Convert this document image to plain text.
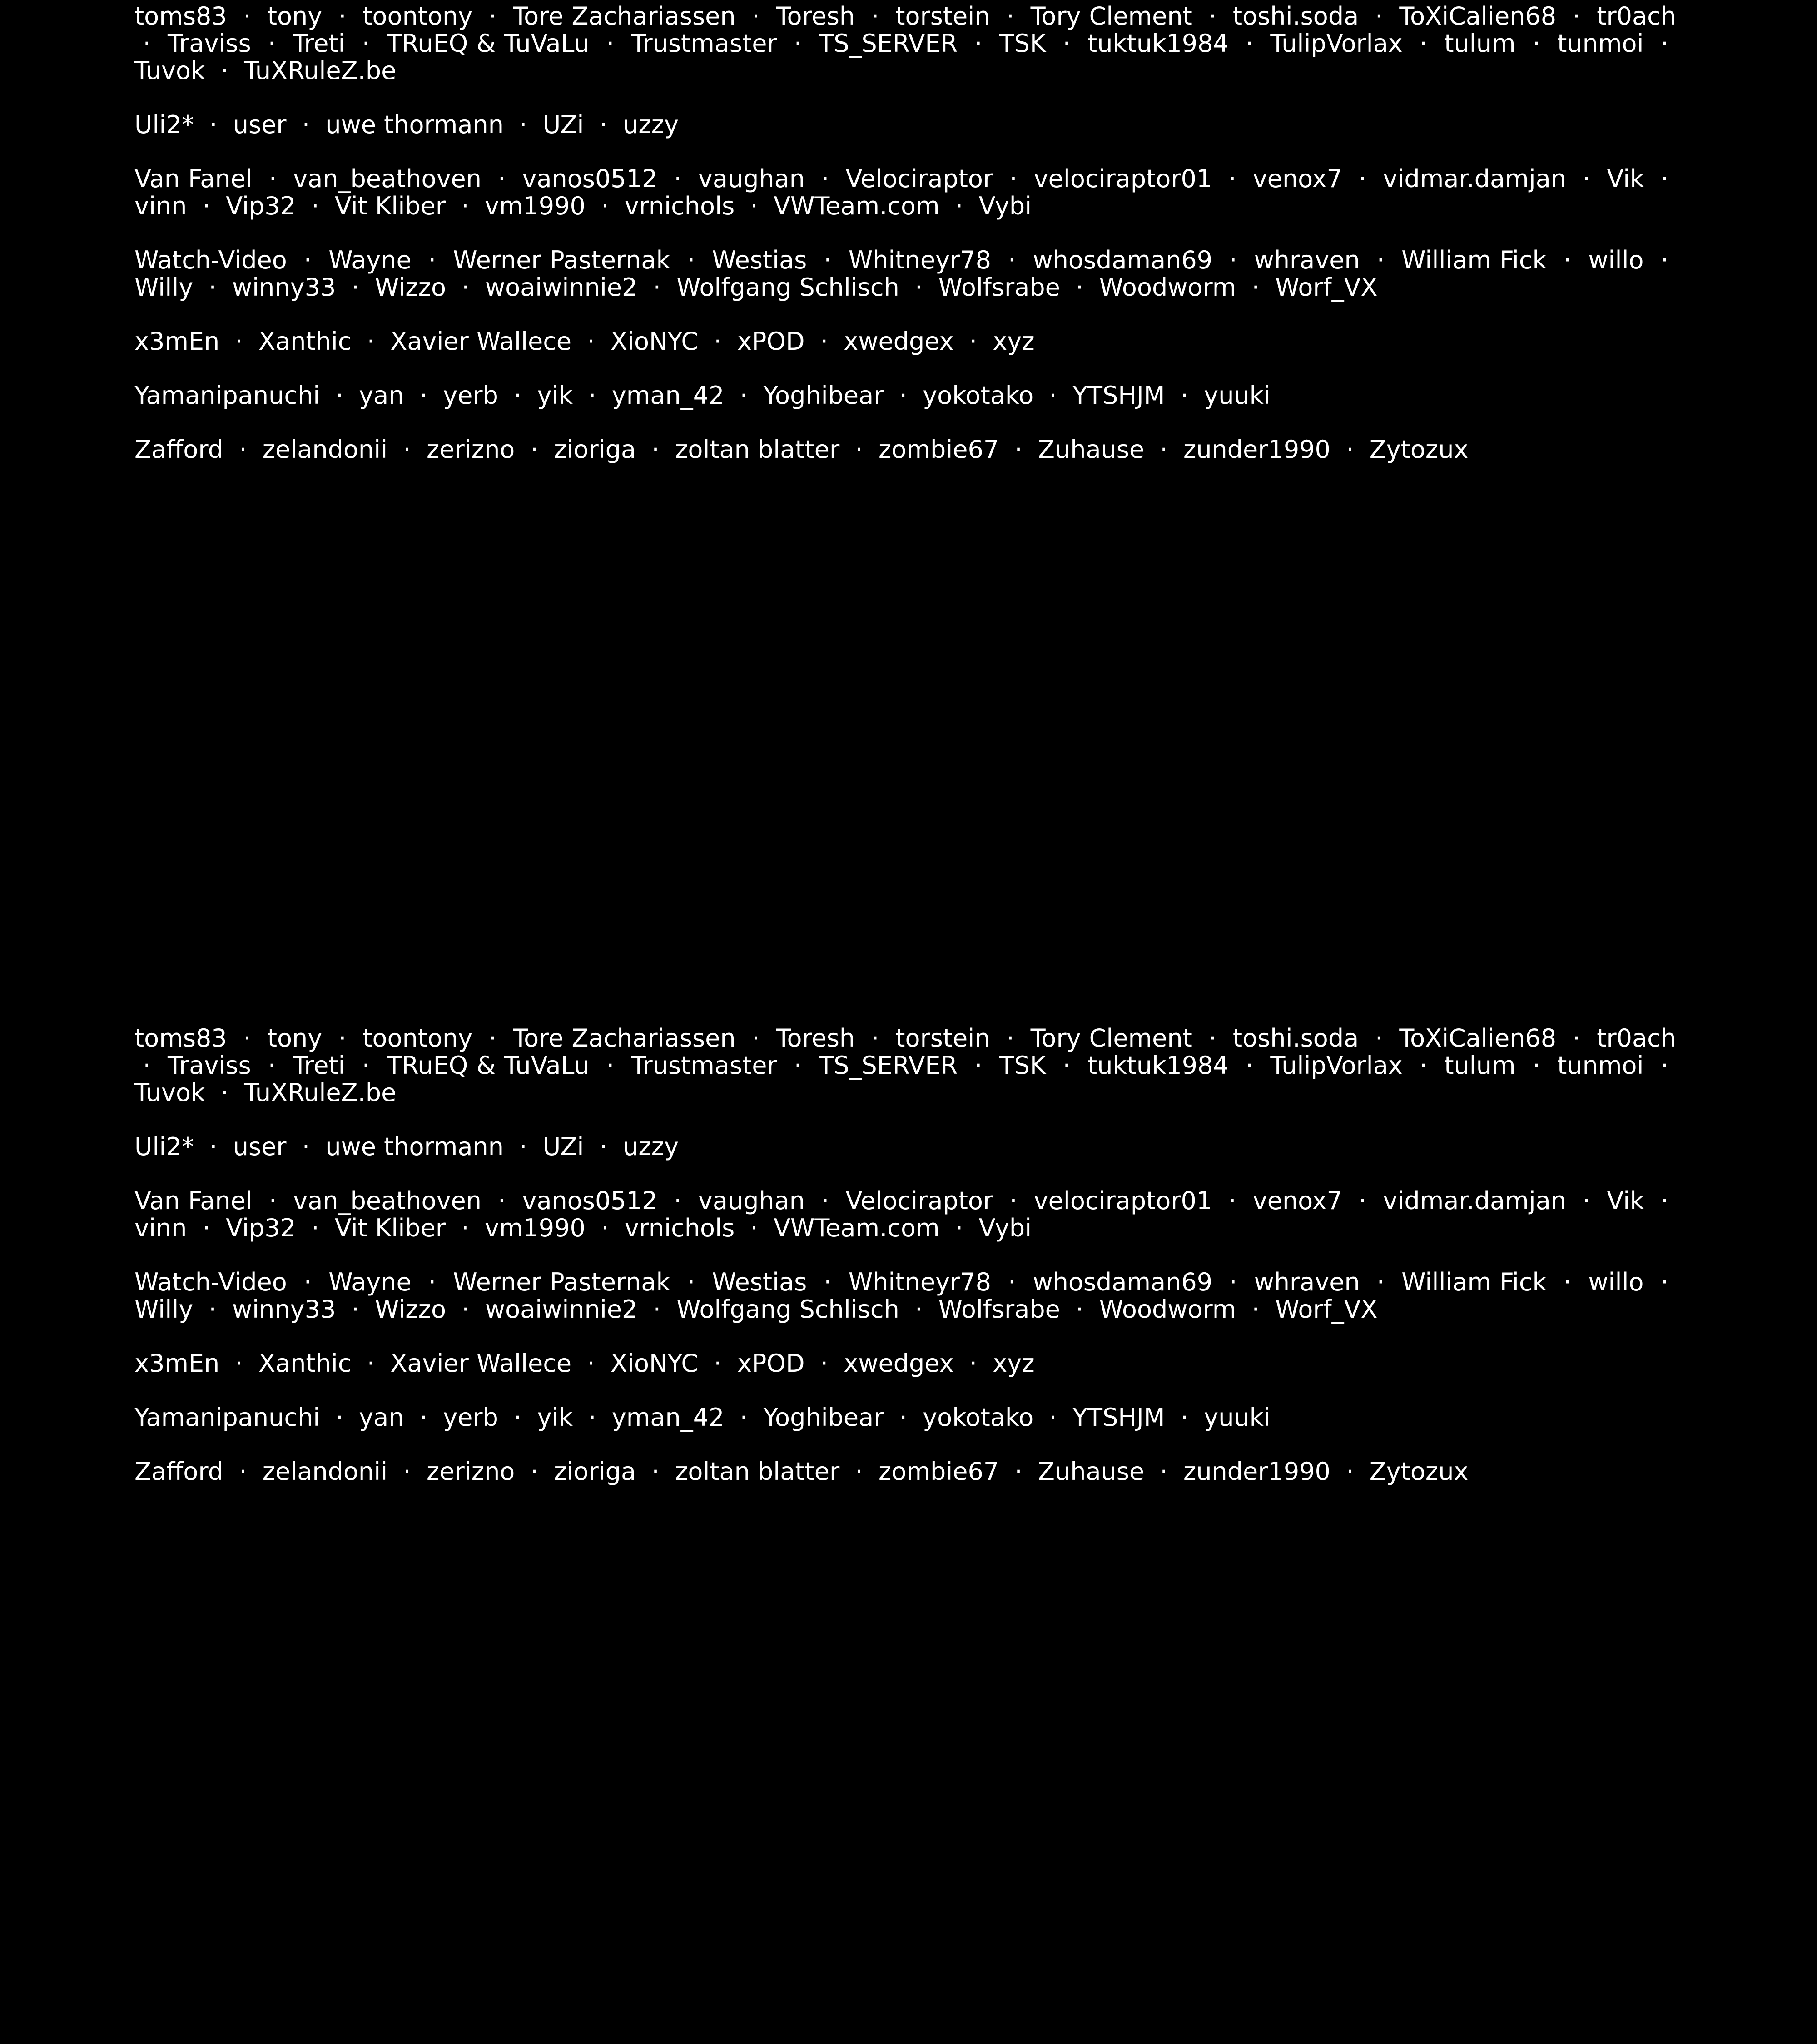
toms83  ·  tony  ·  toontony  ·  Tore Zachariassen  ·  Toresh  ·  torstein  ·  Tory Clement  ·  toshi.soda  ·  ToXiCalien68  ·  tr0ach  ·  Traviss  ·  Treti  ·  TRuEQ & TuVaLu  ·  Trustmaster  ·  TS_SERVER  ·  TSK  ·  tuktuk1984  ·  TulipVorlax  ·  tulum  ·  tunmoi  ·  Tuvok  ·  TuXRuleZ.be
Uli2*  ·  user  ·  uwe thormann  ·  UZi  ·  uzzy
Van Fanel  ·  van_beathoven  ·  vanos0512  ·  vaughan  ·  Velociraptor  ·  velociraptor01  ·  venox7  ·  vidmar.damjan  ·  Vik  ·  vinn  ·  Vip32  ·  Vit Kliber  ·  vm1990  ·  vrnichols  ·  VWTeam.com  ·  Vybi
Watch-Video  ·  Wayne  ·  Werner Pasternak  ·  Westias  ·  Whitneyr78  ·  whosdaman69  ·  whraven  ·  William Fick  ·  willo  ·  Willy  ·  winny33  ·  Wizzo  ·  woaiwinnie2  ·  Wolfgang Schlisch  ·  Wolfsrabe  ·  Woodworm  ·  Worf_VX
x3mEn  ·  Xanthic  ·  Xavier Wallece  ·  XioNYC  ·  xPOD  ·  xwedgex  ·  xyz
Yamanipanuchi  ·  yan  ·  yerb  ·  yik  ·  yman_42  ·  Yoghibear  ·  yokotako  ·  YTSHJM  ·  yuuki
Zafford  ·  zelandonii  ·  zerizno  ·  zioriga  ·  zoltan blatter  ·  zombie67  ·  Zuhause  ·  zunder1990  ·  Zytozux
toms83  ·  tony  ·  toontony  ·  Tore Zachariassen  ·  Toresh  ·  torstein  ·  Tory Clement  ·  toshi.soda  ·  ToXiCalien68  ·  tr0ach  ·  Traviss  ·  Treti  ·  TRuEQ & TuVaLu  ·  Trustmaster  ·  TS_SERVER  ·  TSK  ·  tuktuk1984  ·  TulipVorlax  ·  tulum  ·  tunmoi  ·  Tuvok  ·  TuXRuleZ.be
Uli2*  ·  user  ·  uwe thormann  ·  UZi  ·  uzzy
Van Fanel  ·  van_beathoven  ·  vanos0512  ·  vaughan  ·  Velociraptor  ·  velociraptor01  ·  venox7  ·  vidmar.damjan  ·  Vik  ·  vinn  ·  Vip32  ·  Vit Kliber  ·  vm1990  ·  vrnichols  ·  VWTeam.com  ·  Vybi
Watch-Video  ·  Wayne  ·  Werner Pasternak  ·  Westias  ·  Whitneyr78  ·  whosdaman69  ·  whraven  ·  William Fick  ·  willo  ·  Willy  ·  winny33  ·  Wizzo  ·  woaiwinnie2  ·  Wolfgang Schlisch  ·  Wolfsrabe  ·  Woodworm  ·  Worf_VX
x3mEn  ·  Xanthic  ·  Xavier Wallece  ·  XioNYC  ·  xPOD  ·  xwedgex  ·  xyz
Yamanipanuchi  ·  yan  ·  yerb  ·  yik  ·  yman_42  ·  Yoghibear  ·  yokotako  ·  YTSHJM  ·  yuuki
Zafford  ·  zelandonii  ·  zerizno  ·  zioriga  ·  zoltan blatter  ·  zombie67  ·  Zuhause  ·  zunder1990  ·  Zytozux
